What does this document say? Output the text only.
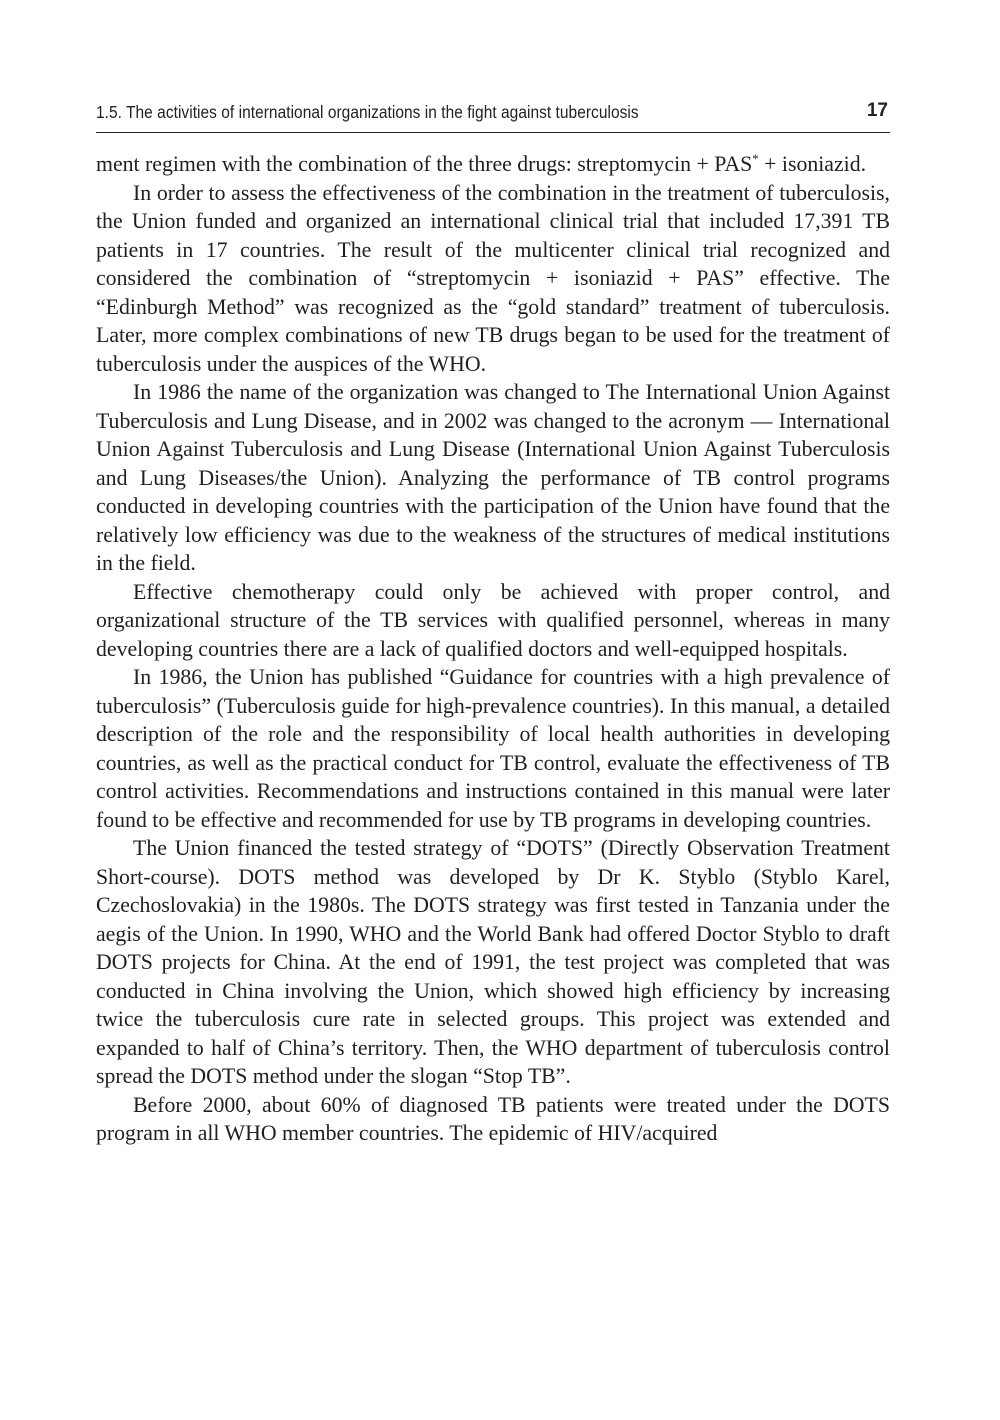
1.5. The activities of international organizations in the fight against tuberculosis	17

ment regimen with the combination of the three drugs: streptomycin + PAS* + isoniazid.

In order to assess the effectiveness of the combination in the treatment of tuberculosis, the Union funded and organized an international clinical trial that included 17,391 TB patients in 17 countries. The result of the multicenter clinical trial recognized and considered the combination of “streptomycin + isoniazid + PAS” effective. The “Edinburgh Method” was recognized as the “gold standard” treatment of tuberculosis. Later, more complex combinations of new TB drugs began to be used for the treatment of tuberculosis under the auspices of the WHO.

In 1986 the name of the organization was changed to The International Union Against Tuberculosis and Lung Disease, and in 2002 was changed to the acronym — International Union Against Tuberculosis and Lung Disease (International Union Against Tuberculosis and Lung Diseases/the Union). Analyzing the performance of TB control programs conducted in developing countries with the participation of the Union have found that the relatively low efficiency was due to the weakness of the structures of medical institutions in the field.

Effective chemotherapy could only be achieved with proper control, and organizational structure of the TB services with qualified personnel, whereas in many developing countries there are a lack of qualified doctors and well-equipped hospitals.

In 1986, the Union has published “Guidance for countries with a high prevalence of tuberculosis” (Tuberculosis guide for high-prevalence countries). In this manual, a detailed description of the role and the responsibility of local health authorities in developing countries, as well as the practical conduct for TB control, evaluate the effectiveness of TB control activities. Recommendations and instructions contained in this manual were later found to be effective and recommended for use by TB programs in developing countries.

The Union financed the tested strategy of “DOTS” (Directly Observation Treatment Short-course). DOTS method was developed by Dr K. Styblo (Styblo Karel, Czechoslovakia) in the 1980s. The DOTS strategy was first tested in Tanzania under the aegis of the Union. In 1990, WHO and the World Bank had offered Doctor Styblo to draft DOTS projects for China. At the end of 1991, the test project was completed that was conducted in China involving the Union, which showed high efficiency by increasing twice the tuberculosis cure rate in selected groups. This project was extended and expanded to half of China’s territory. Then, the WHO department of tuberculosis control spread the DOTS method under the slogan “Stop TB”.

Before 2000, about 60% of diagnosed TB patients were treated under the DOTS program in all WHO member countries. The epidemic of HIV/acquired
